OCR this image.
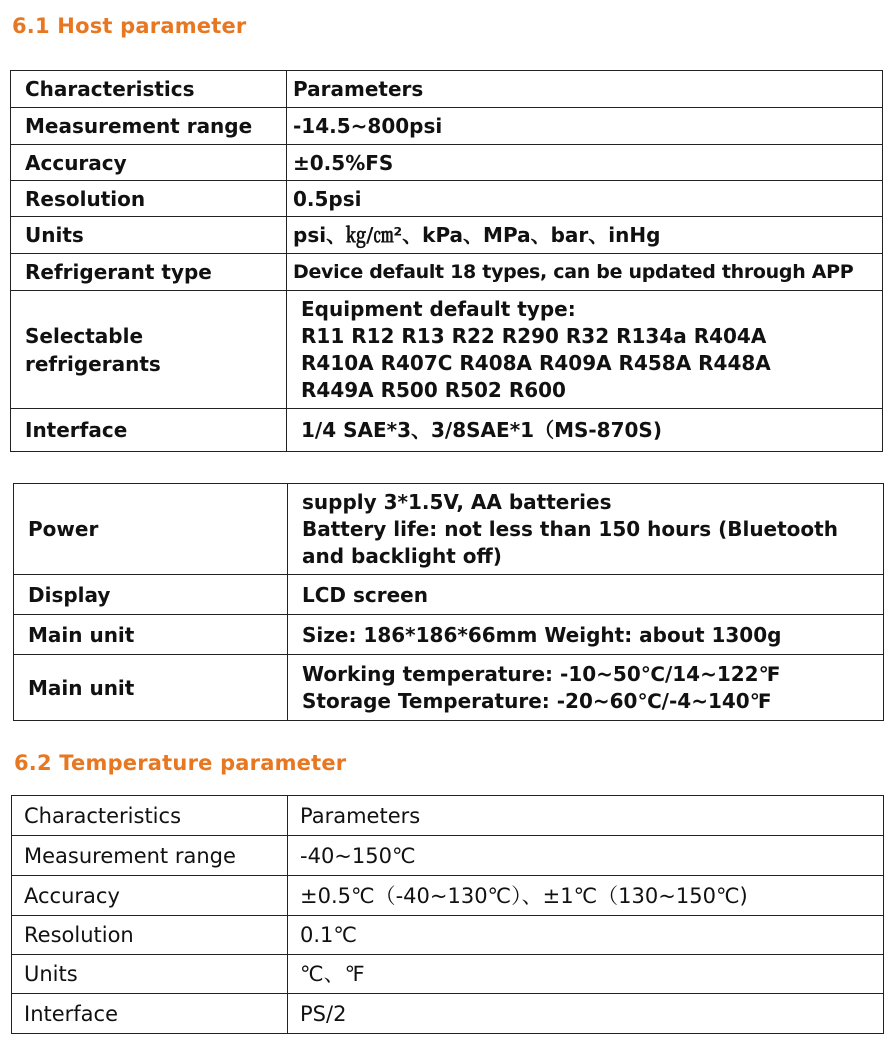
6.1 Host parameter
Characteristics	Parameters
Measurement range	-14.5~800psi
Accuracy	±0.5%FS
Resolution	0.5psi
Units	psi、㎏/㎝²、kPa、MPa、bar、inHg
Refrigerant type	Device default 18 types, can be updated through APP

Selectable
refrigerants	Equipment default type:
R11 R12 R13 R22 R290 R32 R134a R404A
R410A R407C R408A R409A R458A R448A
R449A R500 R502 R600

Interface	1/4 SAE*3、3/8SAE*1（MS-870S)
Power	supply 3*1.5V, AA batteries
Battery life: not less than 150 hours (Bluetooth
and backlight off)

Display	LCD screen
Main unit	Size: 186*186*66mm Weight: about 1300g
Main unit	Working temperature: -10~50℃/14~122℉
Storage Temperature: -20~60℃/-4~140℉
6.2 Temperature parameter
Characteristics	Parameters
Measurement range	-40~150℃
Accuracy	±0.5℃（-40~130℃）、±1℃（130~150℃)
Resolution	0.1℃
Units	℃、℉
Interface	PS/2
